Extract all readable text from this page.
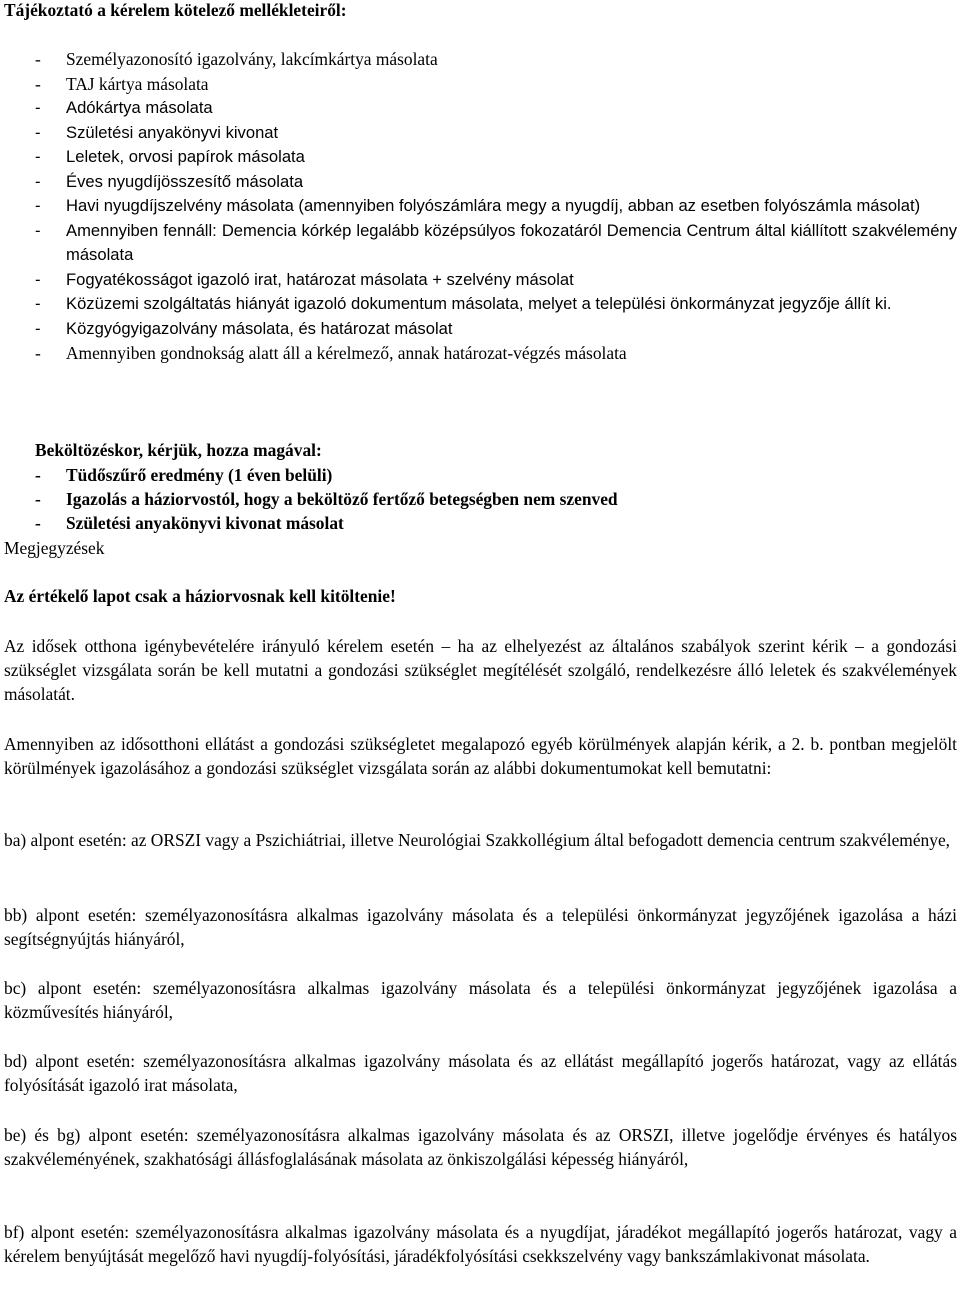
Tájékoztató a kérelem kötelező mellékleteiről:

- Személyazonosító igazolvány, lakcímkártya másolata
- TAJ kártya másolata
- Adókártya másolata
- Születési anyakönyvi kivonat
- Leletek, orvosi papírok másolata
- Éves nyugdíjösszesítő másolata
- Havi nyugdíjszelvény másolata (amennyiben folyószámlára megy a nyugdíj, abban az esetben folyószámla másolat)
- Amennyiben fennáll: Demencia kórkép legalább középsúlyos fokozatáról Demencia Centrum által kiállított szakvélemény másolata
- Fogyatékosságot igazoló irat, határozat másolata + szelvény másolat
- Közüzemi szolgáltatás hiányát igazoló dokumentum másolata, melyet a települési önkormányzat jegyzője állít ki.
- Közgyógyigazolvány másolata, és határozat másolat
- Amennyiben gondnokság alatt áll a kérelmező, annak határozat-végzés másolata
Beköltözéskor, kérjük, hozza magával:
- Tüdőszűrő eredmény (1 éven belüli)
- Igazolás a háziorvostól, hogy a beköltöző fertőző betegségben nem szenved
- Születési anyakönyvi kivonat másolat
Megjegyzések
Az értékelő lapot csak a háziorvosnak kell kitöltenie!

Az idősek otthona igénybevételére irányuló kérelem esetén – ha az elhelyezést az általános szabályok szerint kérik – a gondozási szükséglet vizsgálata során be kell mutatni a gondozási szükséglet megítélését szolgáló, rendelkezésre álló leletek és szakvélemények másolatát.

Amennyiben az idősotthoni ellátást a gondozási szükségletet megalapozó egyéb körülmények alapján kérik, a 2. b. pontban megjelölt körülmények igazolásához a gondozási szükséglet vizsgálata során az alábbi dokumentumokat kell bemutatni:

ba) alpont esetén: az ORSZI vagy a Pszichiátriai, illetve Neurológiai Szakkollégium által befogadott demencia centrum szakvéleménye,

bb) alpont esetén: személyazonosításra alkalmas igazolvány másolata és a települési önkormányzat jegyzőjének igazolása a házi segítségnyújtás hiányáról,

bc) alpont esetén: személyazonosításra alkalmas igazolvány másolata és a települési önkormányzat jegyzőjének igazolása a közművesítés hiányáról,

bd) alpont esetén: személyazonosításra alkalmas igazolvány másolata és az ellátást megállapító jogerős határozat, vagy az ellátás folyósítását igazoló irat másolata,

be) és bg) alpont esetén: személyazonosításra alkalmas igazolvány másolata és az ORSZI, illetve jogelődje érvényes és hatályos szakvéleményének, szakhatósági állásfoglalásának másolata az önkiszolgálási képesség hiányáról,

bf) alpont esetén: személyazonosításra alkalmas igazolvány másolata és a nyugdíjat, járadékot megállapító jogerős határozat, vagy a kérelem benyújtását megelőző havi nyugdíj-folyósítási, járadékfolyósítási csekkszelvény vagy bankszámlakivonat másolata.
